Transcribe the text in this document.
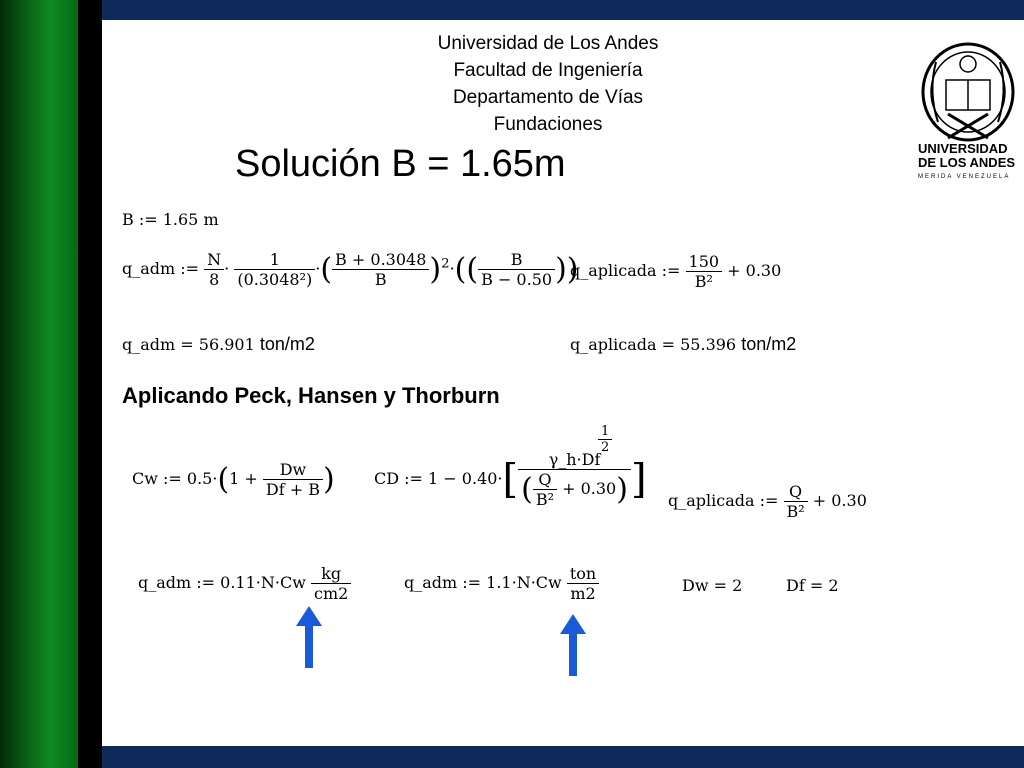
Universidad de Los Andes
Facultad de Ingeniería
Departamento de Vías
Fundaciones
UNIVERSIDAD
DE LOS ANDES
MERIDA VENEZUELA
Solución B = 1.65m
B := 1.65 m
q_adm := $\frac{N}{8} \cdot \frac{1}{\text{(0.3048²)}}$ ·( $\frac{B + 0.3048}{B} )^2\cdot(( \frac{B}{B - 0.50}$ ))
q_aplicada := $\frac{150}{\text{B²}} + 0.30$
q_adm = 56.901 ton/m2	q_aplicada = 55.396 ton/m2
Aplicando Peck, Hansen y Thorburn
Cw := $0.5\cdot(1 + \frac{Dw}{Df + B}$ ) CD := $1 - 0.40\cdot[ \frac{\gamma\_h\cdot Df}{( \frac{Q}{\text{B²}} + 0.30)}$ ]
$\frac{1}{2}$
q_aplicada := $\frac{Q}{\text{B²}} + 0.30$
q_adm := $0.11\cdot N\cdot Cw \frac{kg}{cm2}$	q_adm := $1.1\cdot N\cdot Cw \frac{\text{ton}}{m2}$	Dw = 2	Df = 2
